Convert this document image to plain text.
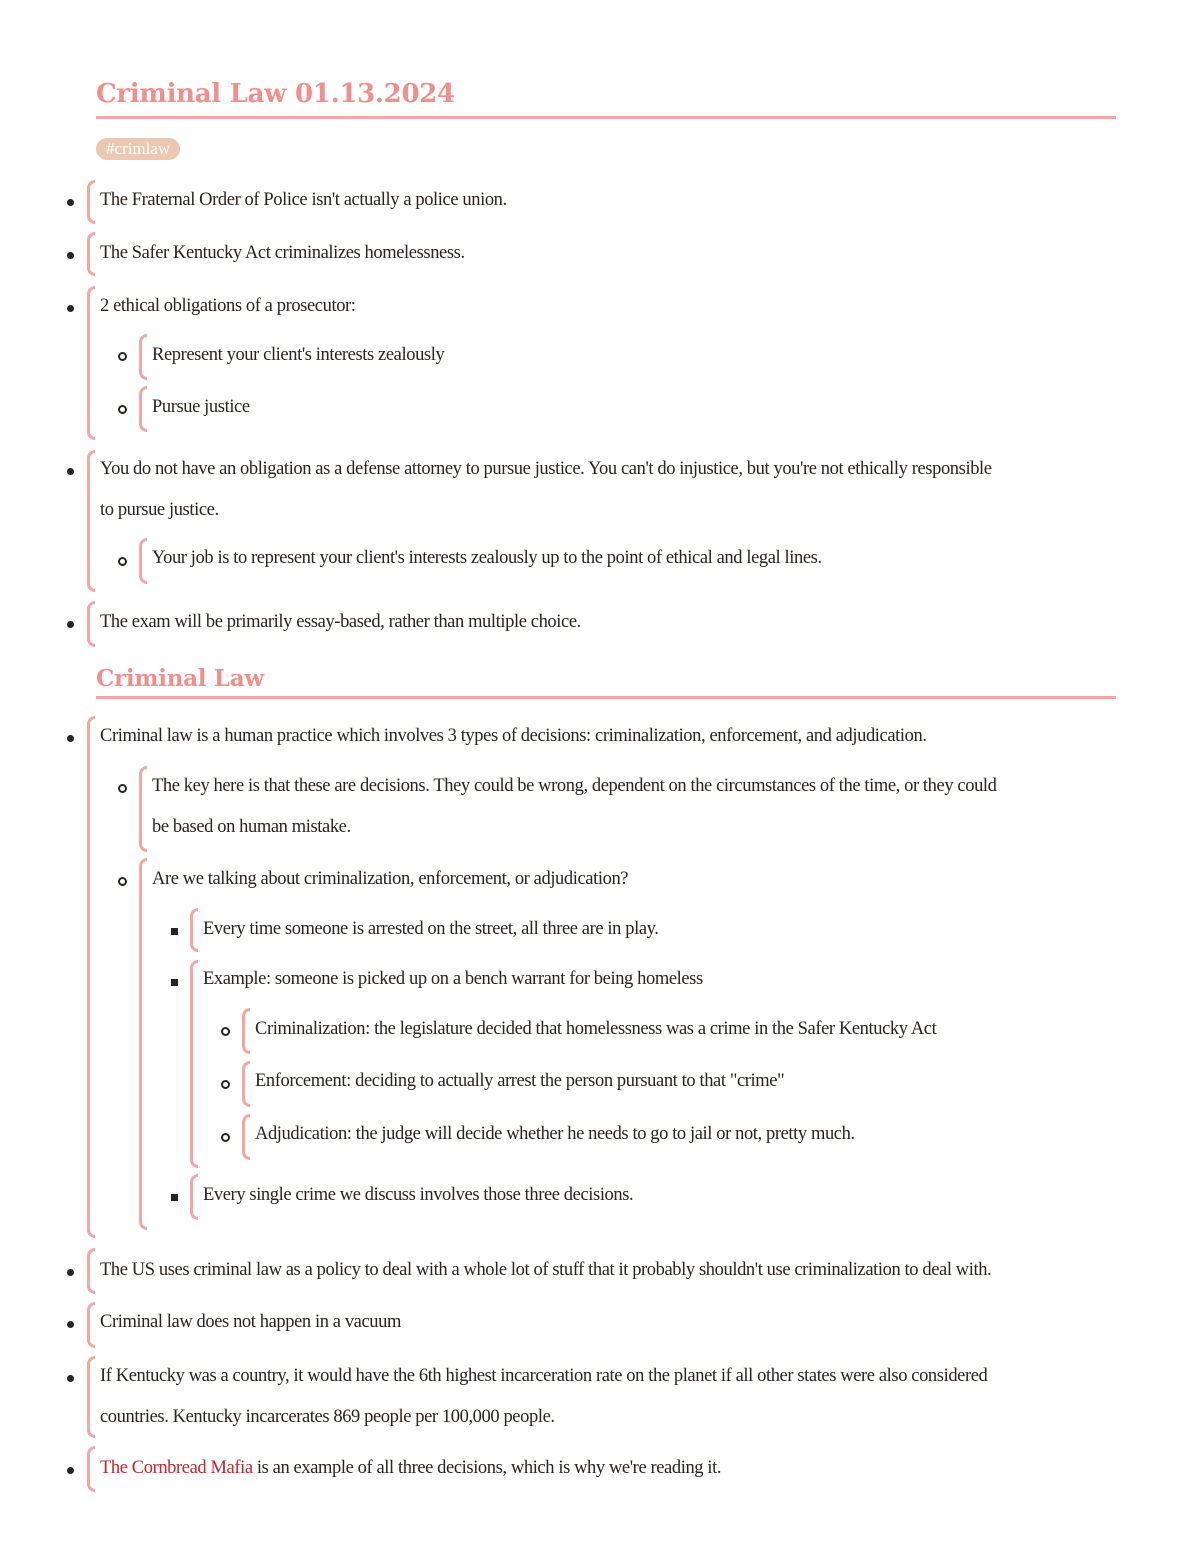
Criminal Law 01.13.2024
#crimlaw
The Fraternal Order of Police isn't actually a police union.
The Safer Kentucky Act criminalizes homelessness.
2 ethical obligations of a prosecutor:
Represent your client's interests zealously
Pursue justice
You do not have an obligation as a defense attorney to pursue justice. You can't do injustice, but you're not ethically responsible
to pursue justice.
Your job is to represent your client's interests zealously up to the point of ethical and legal lines.
The exam will be primarily essay-based, rather than multiple choice.
Criminal Law
Criminal law is a human practice which involves 3 types of decisions: criminalization, enforcement, and adjudication.
The key here is that these are decisions. They could be wrong, dependent on the circumstances of the time, or they could
be based on human mistake.
Are we talking about criminalization, enforcement, or adjudication?
Every time someone is arrested on the street, all three are in play.
Example: someone is picked up on a bench warrant for being homeless
Criminalization: the legislature decided that homelessness was a crime in the Safer Kentucky Act
Enforcement: deciding to actually arrest the person pursuant to that "crime"
Adjudication: the judge will decide whether he needs to go to jail or not, pretty much.
Every single crime we discuss involves those three decisions.
The US uses criminal law as a policy to deal with a whole lot of stuff that it probably shouldn't use criminalization to deal with.
Criminal law does not happen in a vacuum
If Kentucky was a country, it would have the 6th highest incarceration rate on the planet if all other states were also considered
countries. Kentucky incarcerates 869 people per 100,000 people.
The Cornbread Mafia is an example of all three decisions, which is why we're reading it.
